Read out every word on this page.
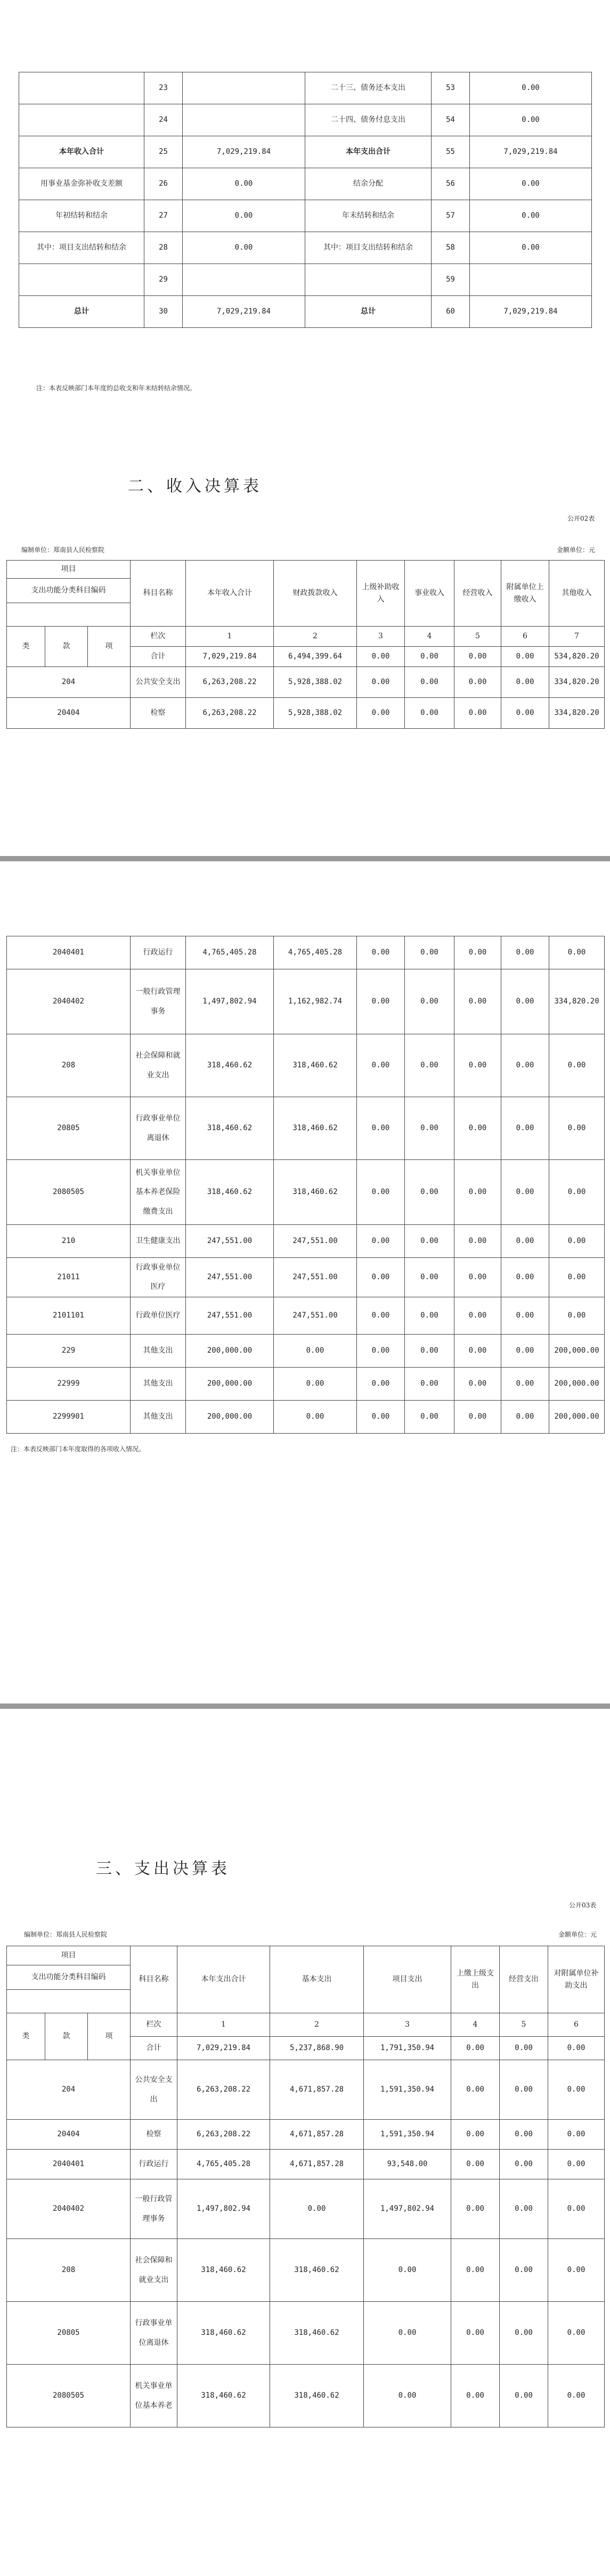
	23		二十三、债务还本支出	53	0.00
	24		二十四、债务付息支出	54	0.00
本年收入合计	25	7,029,219.84	本年支出合计	55	7,029,219.84
用事业基金弥补收支差额	26	0.00	结余分配	56	0.00
年初结转和结余	27	0.00	年末结转和结余	57	0.00
其中：项目支出结转和结余	28	0.00	其中：项目支出结转和结余	58	0.00
	29			59	
总计	30	7,029,219.84	总计	60	7,029,219.84
注：本表反映部门本年度的总收支和年末结转结余情况。
二、收入决算表
公开02表
编制单位：郑南县人民检察院	金额单位：元
项目			科目名称	本年收入合计	财政拨款收入	上级补助收入	事业收入	经营收入	附属单位上缴收入	其他收入
支出功能分类科目编码										

类	款	项	栏次	1	2	3	4	5	6	7
			合计	7,029,219.84	6,494,399.64	0.00	0.00	0.00	0.00	534,820.20
204			公共安全支出	6,263,208.22	5,928,388.02	0.00	0.00	0.00	0.00	334,820.20
20404			检察	6,263,208.22	5,928,388.02	0.00	0.00	0.00	0.00	334,820.20
2040401	行政运行	4,765,405.28	4,765,405.28	0.00	0.00	0.00	0.00	0.00
2040402	一般行政管理事务	1,497,802.94	1,162,982.74	0.00	0.00	0.00	0.00	334,820.20
208	社会保障和就业支出	318,460.62	318,460.62	0.00	0.00	0.00	0.00	0.00
20805	行政事业单位离退休	318,460.62	318,460.62	0.00	0.00	0.00	0.00	0.00
2080505	机关事业单位基本养老保险缴费支出	318,460.62	318,460.62	0.00	0.00	0.00	0.00	0.00
210	卫生健康支出	247,551.00	247,551.00	0.00	0.00	0.00	0.00	0.00
21011	行政事业单位医疗	247,551.00	247,551.00	0.00	0.00	0.00	0.00	0.00
2101101	行政单位医疗	247,551.00	247,551.00	0.00	0.00	0.00	0.00	0.00
229	其他支出	200,000.00	0.00	0.00	0.00	0.00	0.00	200,000.00
22999	其他支出	200,000.00	0.00	0.00	0.00	0.00	0.00	200,000.00
2299901	其他支出	200,000.00	0.00	0.00	0.00	0.00	0.00	200,000.00
注：本表反映部门本年度取得的各项收入情况。
三、支出决算表
公开03表
编制单位：郑南县人民检察院	金额单位：元
项目			科目名称	本年支出合计	基本支出	项目支出	上缴上级支出	经营支出	对附属单位补助支出
支出功能分类科目编码									

类	款	项	栏次	1	2	3	4	5	6
			合计	7,029,219.84	5,237,868.90	1,791,350.94	0.00	0.00	0.00
204			公共安全支出	6,263,208.22	4,671,857.28	1,591,350.94	0.00	0.00	0.00
20404			检察	6,263,208.22	4,671,857.28	1,591,350.94	0.00	0.00	0.00
2040401			行政运行	4,765,405.28	4,671,857.28	93,548.00	0.00	0.00	0.00
2040402			一般行政管理事务	1,497,802.94	0.00	1,497,802.94	0.00	0.00	0.00
208			社会保障和就业支出	318,460.62	318,460.62	0.00	0.00	0.00	0.00
20805			行政事业单位离退休	318,460.62	318,460.62	0.00	0.00	0.00	0.00
2080505			机关事业单位基本养老	318,460.62	318,460.62	0.00	0.00	0.00	0.00
